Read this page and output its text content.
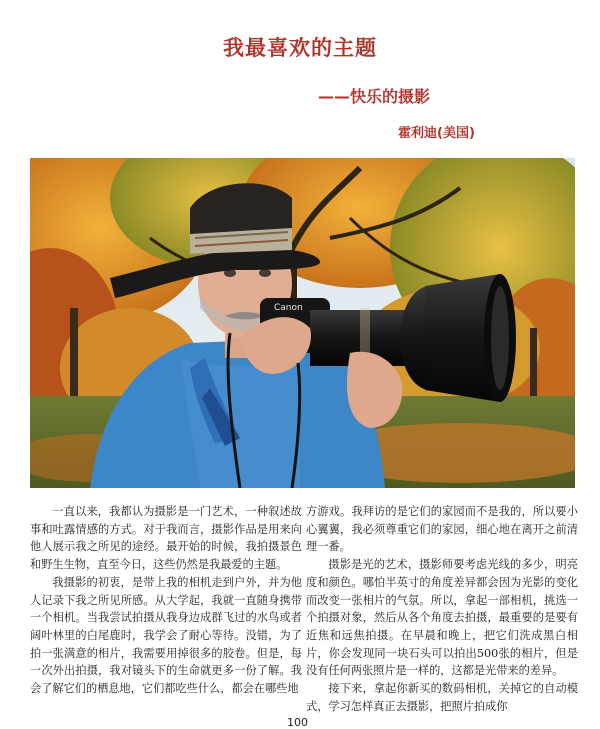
我最喜欢的主题
——快乐的摄影
霍利迪(美国)
Canon

一直以来，我都认为摄影是一门艺术，一种叙述故事和吐露情感的方式。对于我而言，摄影作品是用来向他人展示我之所见的途经。最开始的时候，我拍摄景色和野生生物，直至今日，这些仍然是我最爱的主题。

我摄影的初衷，是带上我的相机走到户外，并为他人记录下我之所见所感。从大学起，我就一直随身携带一个相机。当我尝试拍摄从我身边成群飞过的水鸟或者阔叶林里的白尾鹿时，我学会了耐心等待。没错，为了拍一张满意的相片，我需要用掉很多的胶卷。但是，每一次外出拍摄，我对镜头下的生命就更多一份了解。我会了解它们的栖息地，它们都吃些什么，都会在哪些地

方游戏。我拜访的是它们的家园而不是我的，所以要小心翼翼，我必须尊重它们的家园，细心地在离开之前清理一番。

摄影是光的艺术，摄影师要考虑光线的多少，明亮度和颜色。哪怕半英寸的角度差异都会因为光影的变化而改变一张相片的气氛。所以，拿起一部相机，挑选一个拍摄对象，然后从各个角度去拍摄，最重要的是要有近焦和远焦拍摄。在早晨和晚上，把它们洗成黑白相片，你会发现同一块石头可以拍出500张的相片，但是没有任何两张照片是一样的，这都是光带来的差异。

接下来，拿起你新买的数码相机，关掉它的自动模式，学习怎样真正去摄影，把照片拍成你

100
